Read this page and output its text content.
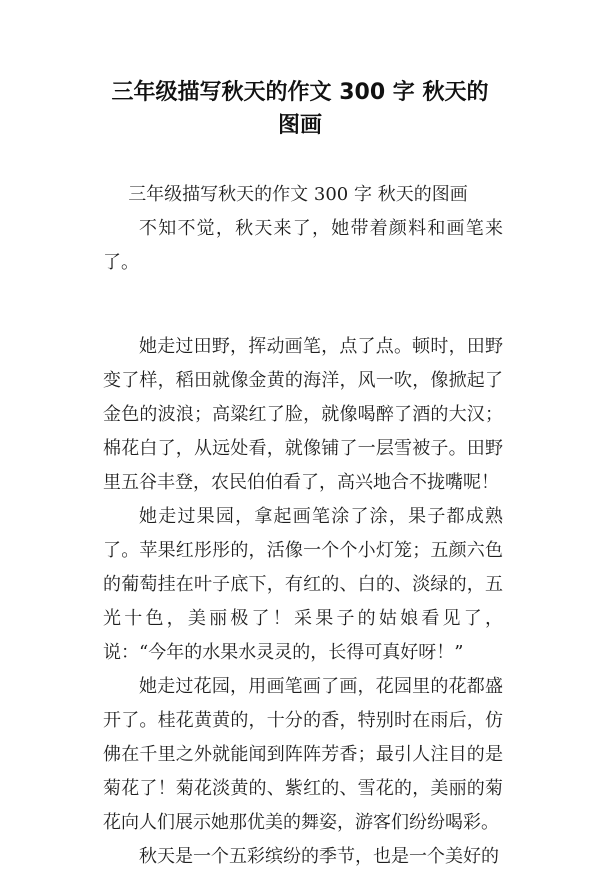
三年级描写秋天的作文 300 字 秋天的
图画

三年级描写秋天的作文 300 字 秋天的图画

不知不觉，秋天来了，她带着颜料和画笔来了。

她走过田野，挥动画笔，点了点。顿时，田野变了样，稻田就像金黄的海洋，风一吹，像掀起了金色的波浪；高粱红了脸，就像喝醉了酒的大汉；棉花白了，从远处看，就像铺了一层雪被子。田野里五谷丰登，农民伯伯看了，高兴地合不拢嘴呢！

她走过果园，拿起画笔涂了涂，果子都成熟了。苹果红彤彤的，活像一个个小灯笼；五颜六色的葡萄挂在叶子底下，有红的、白的、淡绿的，五光十色，美丽极了！采果子的姑娘看见了，说：“今年的水果水灵灵的，长得可真好呀！”

她走过花园，用画笔画了画，花园里的花都盛开了。桂花黄黄的，十分的香，特别时在雨后，仿佛在千里之外就能闻到阵阵芳香；最引人注目的是菊花了！菊花淡黄的、紫红的、雪花的，美丽的菊花向人们展示她那优美的舞姿，游客们纷纷喝彩。

秋天是一个五彩缤纷的季节，也是一个美好的
